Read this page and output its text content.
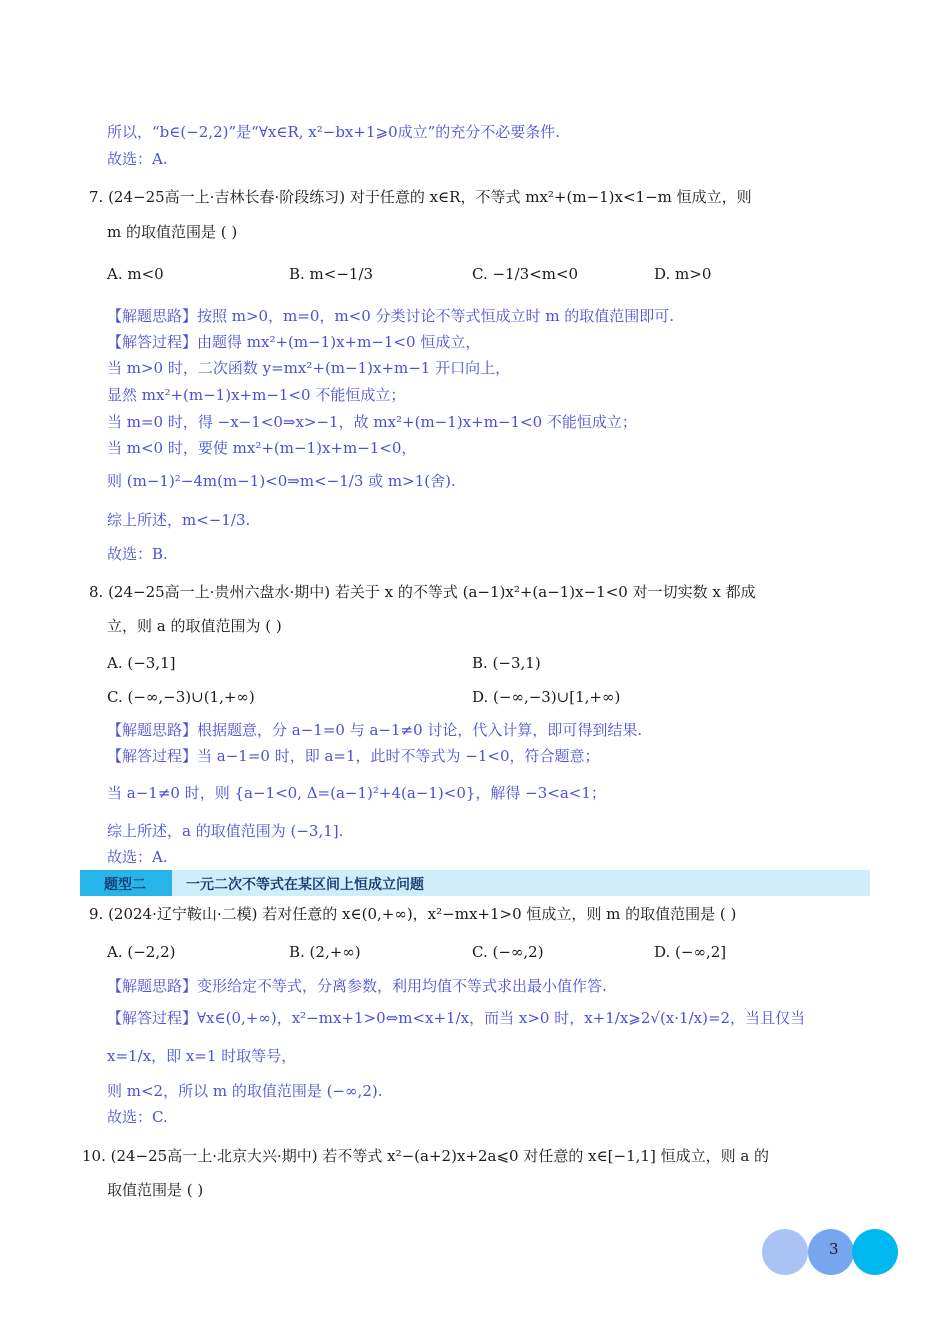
所以，“b∈(−2,2)”是“∀x∈R, x²−bx+1⩾0成立”的充分不必要条件.
故选：A.
7. (24−25高一上·吉林长春·阶段练习) 对于任意的 x∈R，不等式 mx²+(m−1)x<1−m 恒成立，则
m 的取值范围是 ( )
A. m<0	B. m<−1/3	C. −1/3<m<0	D. m>0
【解题思路】按照 m>0，m=0，m<0 分类讨论不等式恒成立时 m 的取值范围即可.
【解答过程】由题得 mx²+(m−1)x+m−1<0 恒成立，
当 m>0 时，二次函数 y=mx²+(m−1)x+m−1 开口向上，
显然 mx²+(m−1)x+m−1<0 不能恒成立；
当 m=0 时，得 −x−1<0⇒x>−1，故 mx²+(m−1)x+m−1<0 不能恒成立；
当 m<0 时，要使 mx²+(m−1)x+m−1<0，
则 (m−1)²−4m(m−1)<0⇒m<−1/3 或 m>1(舍).
综上所述，m<−1/3.
故选：B.
8. (24−25高一上·贵州六盘水·期中) 若关于 x 的不等式 (a−1)x²+(a−1)x−1<0 对一切实数 x 都成
立，则 a 的取值范围为 ( )
A. (−3,1]	B. (−3,1)
C. (−∞,−3)∪(1,+∞)	D. (−∞,−3)∪[1,+∞)
【解题思路】根据题意，分 a−1=0 与 a−1≠0 讨论，代入计算，即可得到结果.
【解答过程】当 a−1=0 时，即 a=1，此时不等式为 −1<0，符合题意；
当 a−1≠0 时，则 {a−1<0, Δ=(a−1)²+4(a−1)<0}，解得 −3<a<1；
综上所述，a 的取值范围为 (−3,1].
故选：A.
题型二	一元二次不等式在某区间上恒成立问题
9. (2024·辽宁鞍山·二模) 若对任意的 x∈(0,+∞)，x²−mx+1>0 恒成立，则 m 的取值范围是 ( )
A. (−2,2)	B. (2,+∞)	C. (−∞,2)	D. (−∞,2]
【解题思路】变形给定不等式，分离参数，利用均值不等式求出最小值作答.
【解答过程】∀x∈(0,+∞)，x²−mx+1>0⇔m<x+1/x，而当 x>0 时，x+1/x⩾2√(x·1/x)=2，当且仅当
x=1/x，即 x=1 时取等号，
则 m<2，所以 m 的取值范围是 (−∞,2).
故选：C.
10. (24−25高一上·北京大兴·期中) 若不等式 x²−(a+2)x+2a⩽0 对任意的 x∈[−1,1] 恒成立，则 a 的
取值范围是 ( )
3
